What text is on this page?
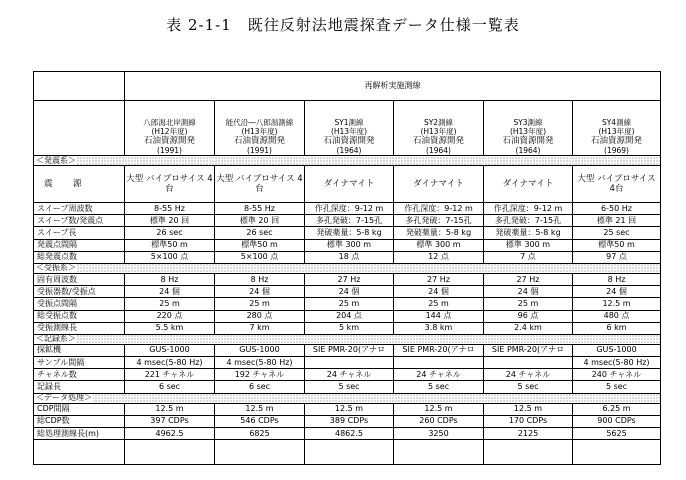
表 2-1-1　既往反射法地震探査データ仕様一覧表
	再解析実施測線					

	八郎潟北岸測線
(H12年度)
石油資源開発
(1991)	能代沿―八郎潟測線
(H13年度)
石油資源開発
(1991)	SY1測線
(H13年度)
石油資源開発
(1964)	SY2測線
(H13年度)
石油資源開発
(1964)	SY3測線
(H13年度)
石油資源開発
(1964)	SY4測線
(H13年度)
石油資源開発
(1969)

＜発震系＞						
震　源	大型 バイブロサイス 4台	大型 バイブロサイス 4台	ダイナマイト	ダイナマイト	ダイナマイト	大型 バイブロサイス 4台
スイープ周波数	8-55 Hz	8-55 Hz	作孔深度：9-12 m	作孔深度：9-12 m	作孔深度：9-12 m	6-50 Hz
スイープ数/発震点	標準 20 回	標準 20 回	多孔発破：7-15孔	多孔発破：7-15孔	多孔発破：7-15孔	標準 21 回
スイープ長	26 sec	26 sec	発破薬量：5-8 kg	発破薬量：5-8 kg	発破薬量：5-8 kg	25 sec
発震点間隔	標準50 m	標準50 m	標準 300 m	標準 300 m	標準 300 m	標準50 m
総発震点数	5×100 点	5×100 点	18 点	12 点	7 点	97 点
＜受振系＞						
固有周波数	8 Hz	8 Hz	27 Hz	27 Hz	27 Hz	8 Hz
受振器数/受振点	24 個	24 個	24 個	24 個	24 個	24 個
受振点間隔	25 m	25 m	25 m	25 m	25 m	12.5 m
総受振点数	220 点	280 点	204 点	144 点	96 点	480 点
受振測線長	5.5 km	7 km	5 km	3.8 km	2.4 km	6 km
＜記録系＞						
探鉱機	GUS-1000	GUS-1000	SIE PMR-20(アナロ	SIE PMR-20(アナロ	SIE PMR-20(アナロ	GUS-1000
サンプル間隔	4 msec(5-80 Hz)	4 msec(5-80 Hz)				4 msec(5-80 Hz)
チャネル数	221 チャネル	192 チャネル	24 チャネル	24 チャネル	24 チャネル	240 チャネル
記録長	6 sec	6 sec	5 sec	5 sec	5 sec	5 sec
＜データ処理＞						
CDP間隔	12.5 m	12.5 m	12.5 m	12.5 m	12.5 m	6.25 m
総CDP数	397 CDPs	546 CDPs	389 CDPs	260 CDPs	170 CDPs	900 CDPs
総処理測線長(m)	4962.5	6825	4862.5	3250	2125	5625
